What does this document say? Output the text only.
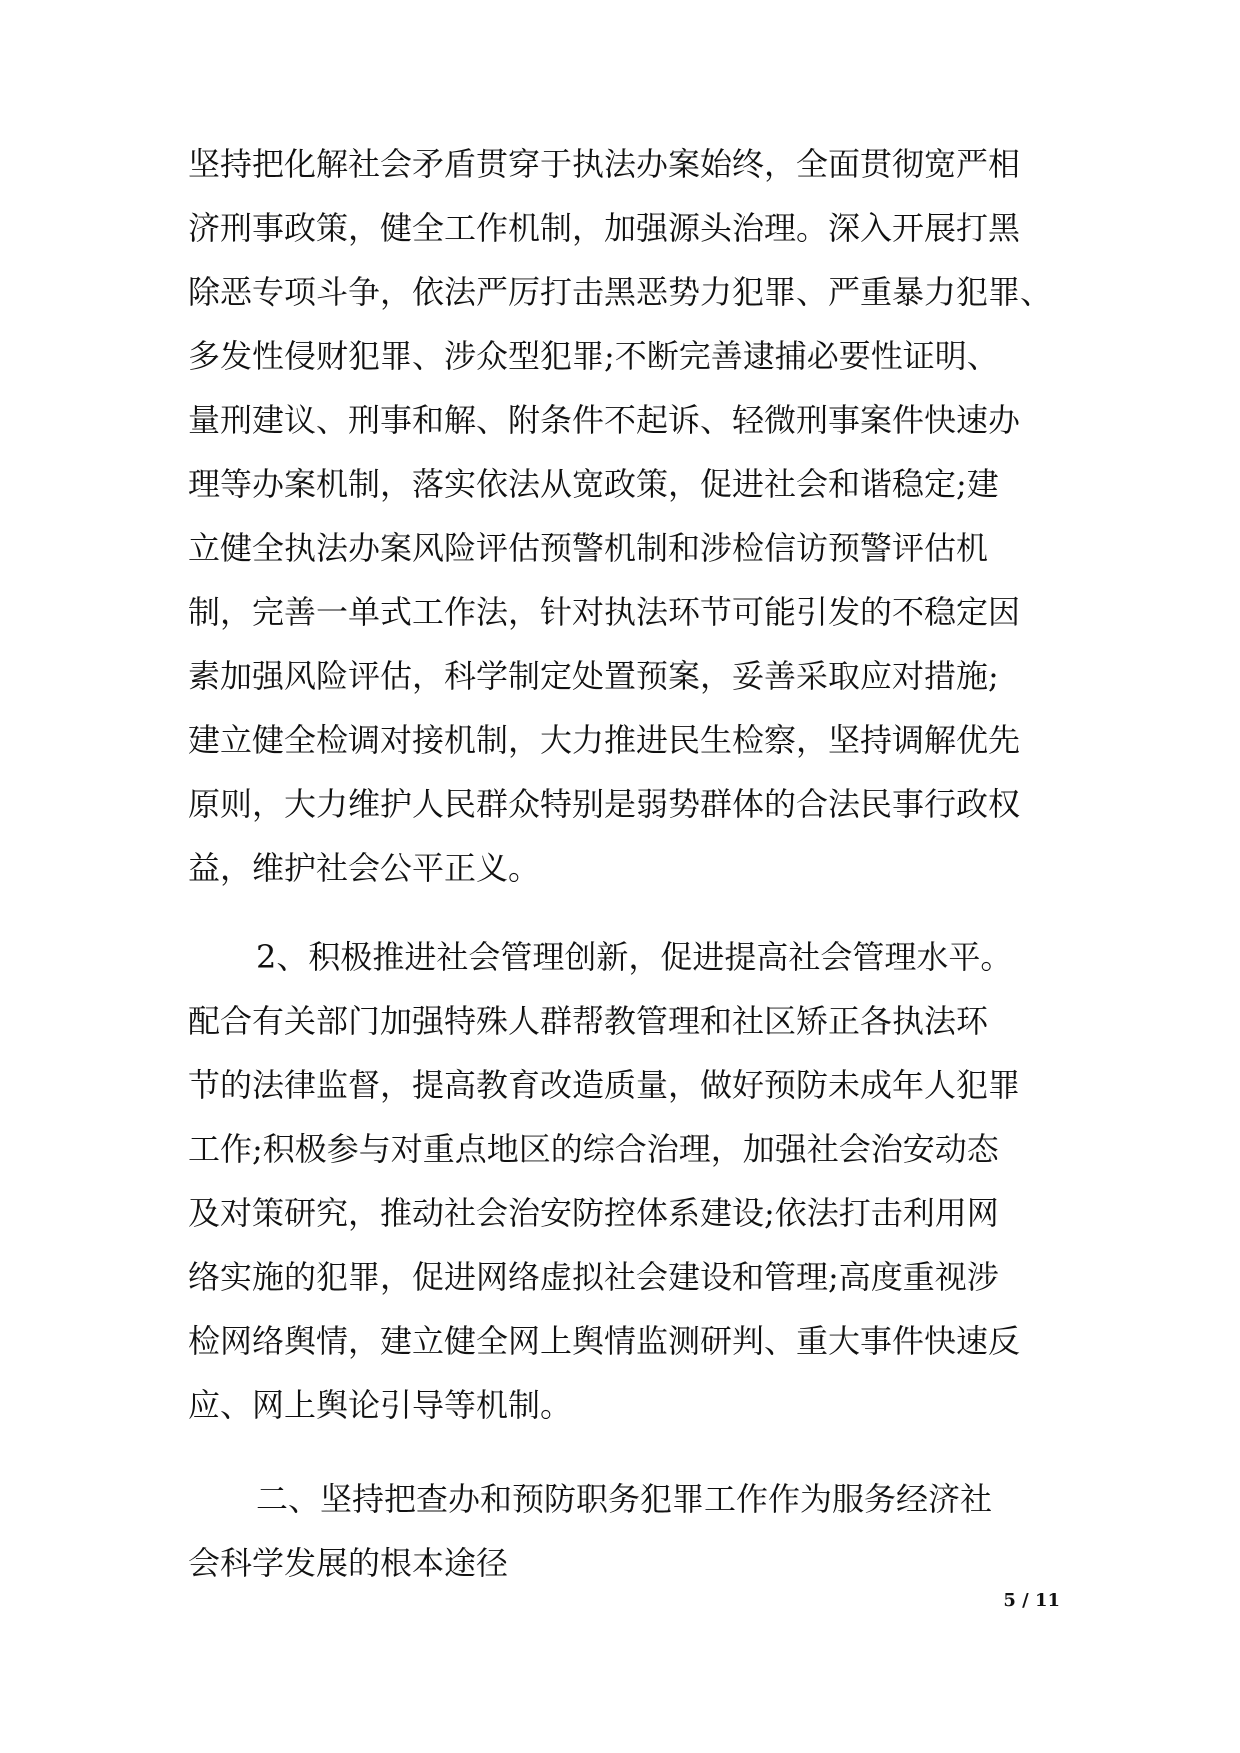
坚持把化解社会矛盾贯穿于执法办案始终，全面贯彻宽严相
济刑事政策，健全工作机制，加强源头治理。深入开展打黑
除恶专项斗争，依法严厉打击黑恶势力犯罪、严重暴力犯罪、
多发性侵财犯罪、涉众型犯罪;不断完善逮捕必要性证明、
量刑建议、刑事和解、附条件不起诉、轻微刑事案件快速办
理等办案机制，落实依法从宽政策，促进社会和谐稳定;建
立健全执法办案风险评估预警机制和涉检信访预警评估机
制，完善一单式工作法，针对执法环节可能引发的不稳定因
素加强风险评估，科学制定处置预案，妥善采取应对措施;
建立健全检调对接机制，大力推进民生检察，坚持调解优先
原则，大力维护人民群众特别是弱势群体的合法民事行政权
益，维护社会公平正义。
2、积极推进社会管理创新，促进提高社会管理水平。
配合有关部门加强特殊人群帮教管理和社区矫正各执法环
节的法律监督，提高教育改造质量，做好预防未成年人犯罪
工作;积极参与对重点地区的综合治理，加强社会治安动态
及对策研究，推动社会治安防控体系建设;依法打击利用网
络实施的犯罪，促进网络虚拟社会建设和管理;高度重视涉
检网络舆情，建立健全网上舆情监测研判、重大事件快速反
应、网上舆论引导等机制。
二、坚持把查办和预防职务犯罪工作作为服务经济社
会科学发展的根本途径
5 / 11
